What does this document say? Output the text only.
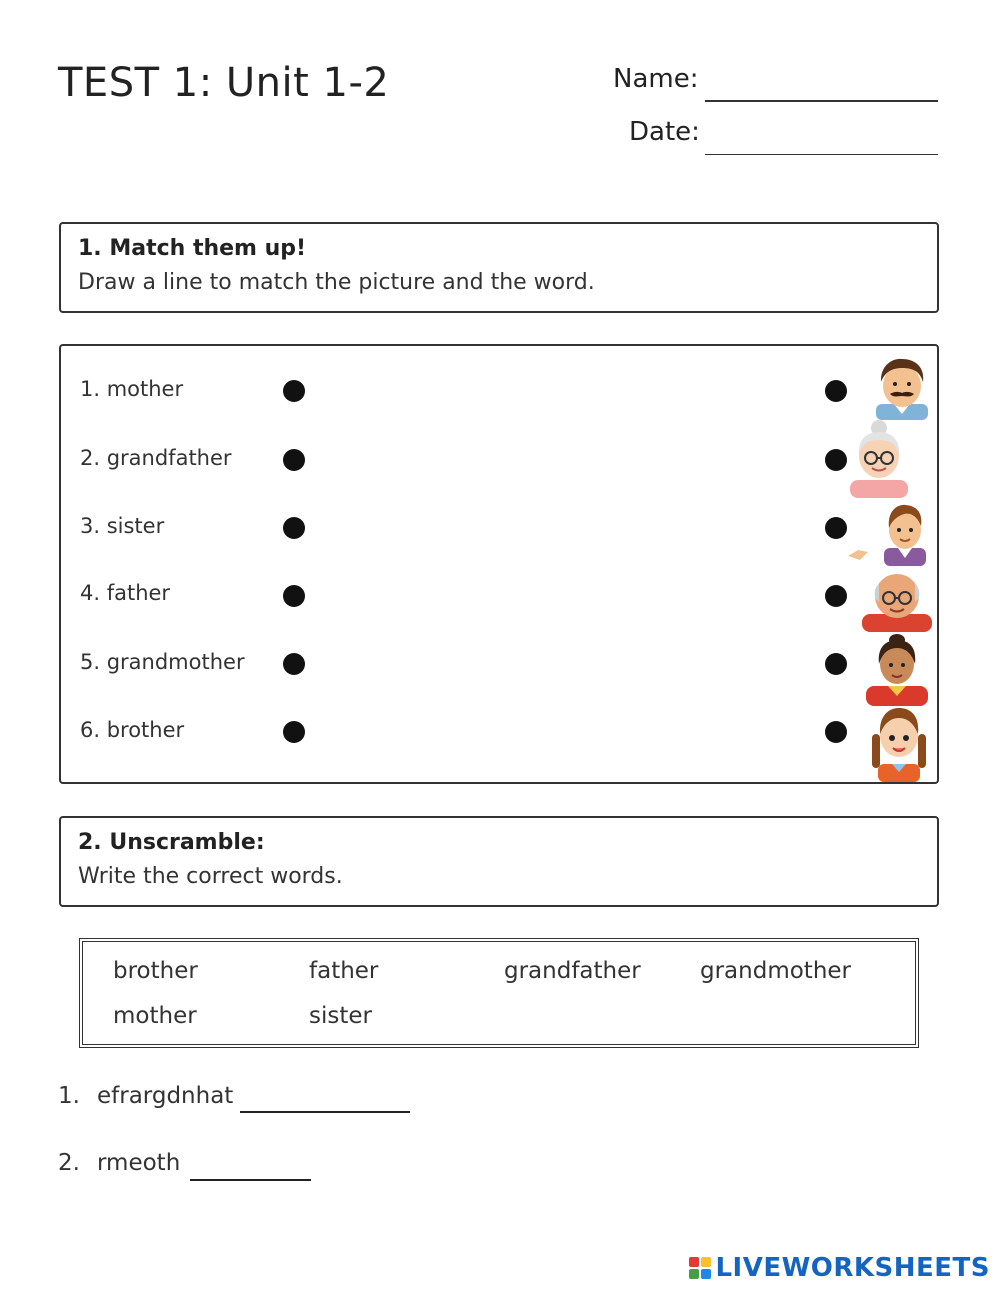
TEST 1: Unit 1-2	Name:
Date:
1. Match them up!
Draw a line to match the picture and the word.
1. mother
2. grandfather
3. sister
4. father
5. grandmother
6. brother
2. Unscramble:
Write the correct words.
brother	father	grandfather	grandmother
mother	sister
1. efrargdnhat
2. rmeoth
LIVEWORKSHEETS
